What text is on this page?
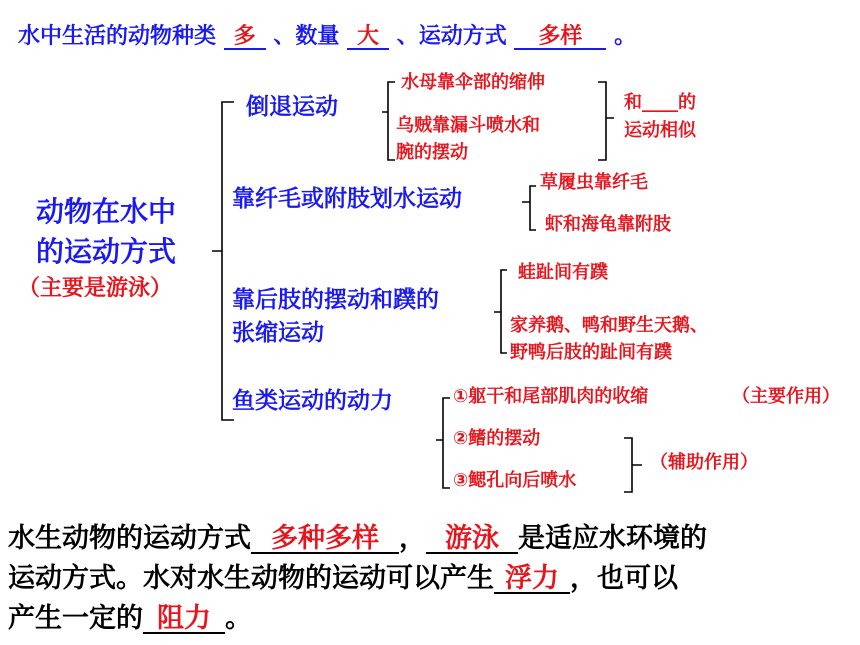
水中生活的动物种类 多 、数量 大 、运动方式 多样 。
动物在水中
的运动方式
（主要是游泳）
倒退运动
水母靠伞部的缩伸
乌贼靠漏斗喷水和
腕的摆动
和____的
运动相似
靠纤毛或附肢划水运动
草履虫靠纤毛
虾和海龟靠附肢
靠后肢的摆动和蹼的
张缩运动
蛙趾间有蹼
家养鹅、鸭和野生天鹅、
野鸭后肢的趾间有蹼
鱼类运动的动力	①躯干和尾部肌肉的收缩	（主要作用）
②鳍的摆动
③鳃孔向后喷水
（辅助作用）
水生动物的运动方式 多种多样 ， 游泳 是适应水环境的
运动方式。水对水生动物的运动可以产生 浮力 ，也可以
产生一定的 阻力 。
